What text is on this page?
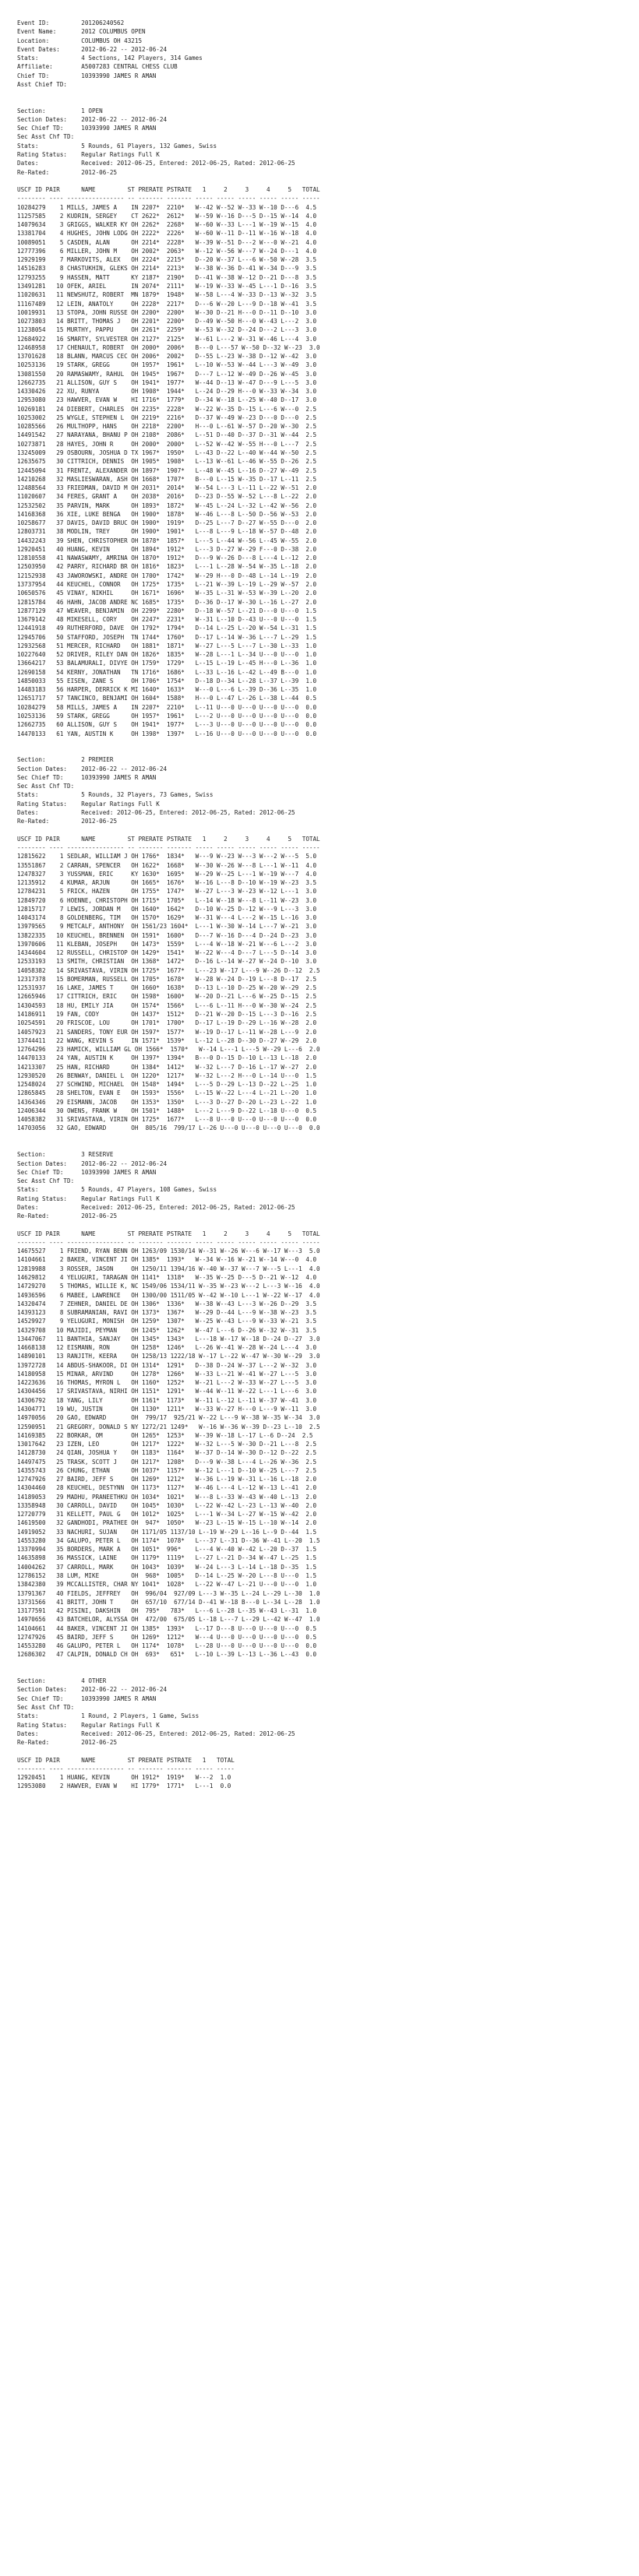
Event ID:         201206240562
Event Name:       2012 COLUMBUS OPEN
Location:         COLUMBUS OH 43215
Event Dates:      2012-06-22 -- 2012-06-24
Stats:            4 Sections, 142 Players, 314 Games
Affiliate:        A5007283 CENTRAL CHESS CLUB
Chief TD:         10393990 JAMES R AMAN
Asst Chief TD:

Section:          1 OPEN
Section Dates:    2012-06-22 -- 2012-06-24
Sec Chief TD:     10393990 JAMES R AMAN
Sec Asst Chf TD:
Stats:            5 Rounds, 61 Players, 132 Games, Swiss
Rating Status:    Regular Ratings Full K
Dates:            Received: 2012-06-25, Entered: 2012-06-25, Rated: 2012-06-25
Re-Rated:         2012-06-25

USCF ID PAIR      NAME         ST PRERATE PSTRATE   1     2     3     4     5   TOTAL
-------- ---- ---------------- -- ------- ------- ----- ----- ----- ----- ----- -----
10284279    1 MILLS, JAMES A    IN 2207*  2210*   W--42 W--52 W--33 W--10 D---6  4.5
11257585    2 KUDRIN, SERGEY    CT 2622*  2612*   W--59 W--16 D---5 D--15 W--14  4.0
14079634    3 GRIGGS, WALKER KY OH 2262*  2268*   W--60 W--33 L---1 W--19 W--15  4.0
13381704    4 HUGHES, JOHN LODG OH 2222*  2226*   W--60 W--11 D--11 W--16 W--18  4.0
10089051    5 CASDEN, ALAN      OH 2214*  2228*   W--39 W--51 D---2 W---0 W--21  4.0
12777396    6 MILLER, JOHN M    OH 2002*  2063*   W--12 W--56 W---7 W--24 D---1  4.0
12929199    7 MARKOVITS, ALEX   OH 2224*  2215*   D--20 W--37 L---6 W--50 W--28  3.5
14516283    8 CHASTUKHIN, GLEKS OH 2214*  2213*   W--38 W--36 D--41 W--34 D---9  3.5
12793255    9 HASSEN, MATT      KY 2187*  2190*   D--41 W--38 W--12 D--21 D---8  3.5
13491281   10 OFEK, ARIEL       IN 2074*  2111*   W--19 W--33 W--45 L---1 D--16  3.5
11020631   11 NEWSHUTZ, ROBERT  MN 1879*  1948*   W--58 L---4 W--33 D--13 W--32  3.5
11167489   12 LEIN, ANATOLY     OH 2228*  2217*   D---6 W--20 L---9 D--18 W--41  3.5
10019931   13 STOPA, JOHN RUSSE OH 2200*  2200*   W--30 D--21 H---0 D--11 D--10  3.0
10273803   14 BRITT, THOMAS J   OH 2201*  2200*   D--49 W--50 H---0 W--43 L---2  3.0
11238054   15 MURTHY, PAPPU     OH 2261*  2259*   W--53 W--32 D--24 D---2 L---3  3.0
12684922   16 SMARTY, SYLVESTER OH 2127*  2125*   W--61 L---2 W--31 W--46 L---4  3.0
12468958   17 CHENAULT, ROBERT  OH 2000*  2006*   B---0 L---57 W--50 D--32 W--23  3.0
13701628   18 BLANN, MARCUS CEC OH 2006*  2002*   D--55 L--23 W--38 D--12 W--42  3.0
10253136   19 STARK, GREGG      OH 1957*  1961*   L--10 W--53 W--44 L---3 W--49  3.0
13081550   20 RAMASWAMY, RAHUL  OH 1945*  1967*   D---7 L--12 W--49 D--26 W--45  3.0
12662735   21 ALLISON, GUY S    OH 1941*  1977*   W--44 D--13 W--47 D---9 L---5  3.0
14330426   22 XU, RUNYA         OH 1908*  1944*   L--24 D--29 H---0 W--33 W--34  3.0
12953080   23 HAWVER, EVAN W    HI 1716*  1779*   D--34 W--18 L--25 W--40 D--17  3.0
10269181   24 DIEBERT, CHARLES  OH 2235*  2228*   W--22 W--35 D--15 L---6 W---0  2.5
10253002   25 WYGLE, STEPHEN L  OH 2219*  2216*   D--37 W--49 W--23 D---0 D---0  2.5
10285566   26 MULTHOPP, HANS    OH 2218*  2200*   H---0 L--61 W--57 D--20 W--30  2.5
14491542   27 NARAYANA, BHANU P OH 2108*  2086*   L--51 D--40 D--37 D--31 W--44  2.5
10273871   28 HAYES, JOHN R     OH 2000*  2000*   L--52 W--42 W--55 H---0 L---7  2.5
13245009   29 OSBOURN, JOSHUA D TX 1967*  1950*   L--43 D--22 L--40 W--44 W--50  2.5
12635675   30 CITTRICH, DENNIS  OH 1905*  1908*   L--13 W--61 L--46 W--55 D--26  2.5
12445094   31 FRENTZ, ALEXANDER OH 1897*  1907*   L--48 W--45 L--16 D--27 W--49  2.5
14210268   32 MASLIESWARAN, ASH OH 1668*  1707*   B---0 L--15 W--35 D--17 L--11  2.5
12488564   33 FRIEDMAN, DAVID M OH 2031*  2014*   W--54 L---3 L--11 L--22 W--51  2.0
11020607   34 FERES, GRANT A    OH 2038*  2016*   D--23 D--55 W--52 L---8 L--22  2.0
12532502   35 PARVIN, MARK      OH 1893*  1872*   W--45 L--24 L--32 L--42 W--56  2.0
14168368   36 XIE, LUKE BENGA   OH 1900*  1878*   W--46 L---8 L--50 D--56 W--53  2.0
10258677   37 DAVIS, DAVID BRUC OH 1900*  1919*   D--25 L---7 D--27 W--55 D---0  2.0
12803731   38 MODLIN, TREY      OH 1900*  1901*   L---8 L---9 L--18 W--57 D--48  2.0
14432243   39 SHEN, CHRISTOPHER OH 1878*  1857*   L---5 L--44 W--56 L--45 W--55  2.0
12920451   40 HUANG, KEVIN      OH 1894*  1912*   L---3 D--27 W--29 F---0 D--38  2.0
12810558   41 NAWASWAMY, AMRINA OH 1870*  1912*   D---9 W--26 D---8 L---4 L--12  2.0
12503950   42 PARRY, RICHARD BR OH 1816*  1823*   L---1 L--28 W--54 W--35 L--18  2.0
12152938   43 JAWOROWSKI, ANDRE OH 1700*  1742*   W--29 H---0 D--48 L--14 L--19  2.0
13737954   44 KEUCHEL, CONNOR   OH 1725*  1735*   L--21 W--39 L--19 L--29 W--57  2.0
10650576   45 VINAY, NIKHIL     OH 1671*  1696*   W--35 L--31 W--53 W--39 L--20  2.0
12815784   46 HAHN, JACOB ANDRE NC 1685*  1735*   D--36 D--17 W--30 L--16 L--27  2.0
12877129   47 WEAVER, BENJAMIN  OH 2299*  2280*   D--18 W--57 L--21 D---0 U---0  1.5
13679142   48 MIKESELL, CORY    OH 2247*  2231*   W--31 L--10 D--43 U---0 U---0  1.5
12441918   49 RUTHERFORD, DAVE  OH 1792*  1794*   D--14 L--25 L--20 W--54 L--31  1.5
12945706   50 STAFFORD, JOSEPH  TN 1744*  1760*   D--17 L--14 W--36 L---7 L--29  1.5
12932568   51 MERCER, RICHARD   OH 1881*  1871*   W--27 L---5 L---7 L--30 L--33  1.0
10227640   52 DRIVER, RILEY DAN OH 1826*  1835*   W--28 L---1 L--34 U---0 U---0  1.0
13664217   53 BALAMURALI, DIVYE OH 1759*  1729*   L--15 L--19 L--45 H---0 L--36  1.0
12690158   54 KERNY, JONATHAN   TN 1716*  1686*   L--33 L--16 L--42 L--49 B---0  1.0
14850033   55 EISEN, ZANE S     OH 1706*  1754*   D--18 D--34 L--28 L--37 L--39  1.0
14483183   56 HARPER, DERRICK K MI 1640*  1633*   W---0 L---6 L--39 D--36 L--35  1.0
12651717   57 TANCINCO, BENJAMI OH 1604*  1588*   H---0 L--47 L--26 L--38 L--44  0.5
10284279   58 MILLS, JAMES A    IN 2207*  2210*   L--11 U---0 U---0 U---0 U---0  0.0
10253136   59 STARK, GREGG      OH 1957*  1961*   L---2 U---0 U---0 U---0 U---0  0.0
12662735   60 ALLISON, GUY S    OH 1941*  1977*   L---3 U---0 U---0 U---0 U---0  0.0
14470133   61 YAN, AUSTIN K     OH 1398*  1397*   L--16 U---0 U---0 U---0 U---0  0.0

Section:          2 PREMIER
Section Dates:    2012-06-22 -- 2012-06-24
Sec Chief TD:     10393990 JAMES R AMAN
Sec Asst Chf TD:
Stats:            5 Rounds, 32 Players, 73 Games, Swiss
Rating Status:    Regular Ratings Full K
Dates:            Received: 2012-06-25, Entered: 2012-06-25, Rated: 2012-06-25
Re-Rated:         2012-06-25

USCF ID PAIR      NAME         ST PRERATE PSTRATE   1     2     3     4     5   TOTAL
-------- ---- ---------------- -- ------- ------- ----- ----- ----- ----- ----- -----
12815622    1 SEDLAR, WILLIAM J OH 1766*  1834*   W---9 W--23 W---3 W---2 W---5  5.0
13551867    2 CARRAN, SPENCER   OH 1622*  1668*   W--30 W--26 W---8 L---1 W--11  4.0
12478327    3 YUSSMAN, ERIC     KY 1630*  1695*   W--29 W--25 L---1 W--19 W---7  4.0
12135912    4 KUMAR, ARJUN      OH 1665*  1676*   W--16 L---8 D--10 W--19 W--23  3.5
12784231    5 FRICK, HAZEN      OH 1755*  1747*   W--27 L---3 W--23 W--12 L---1  3.0
12849720    6 HOENNE, CHRISTOPH OH 1715*  1705*   L--14 W--18 W---8 L--11 W--23  3.0
12815717    7 LEWIS, JORDAN M   OH 1640*  1642*   D--10 W--25 D--12 W---9 L---3  3.0
14043174    8 GOLDENBERG, TIM   OH 1570*  1629*   W--31 W---4 L---2 W--15 L--16  3.0
13979565    9 METCALF, ANTHONY  OH 1561/23 1604*  L---1 W--30 W--14 L---7 W--21  3.0
13822335   10 KEUCHEL, BRENNEN  OH 1591*  1600*   D---7 W--16 D---4 D--24 D--23  3.0
13970606   11 KLEBAN, JOSEPH    OH 1473*  1559*   L---4 W--18 W--21 W---6 L---2  3.0
14344604   12 RUSSELL, CHRISTOP OH 1429*  1541*   W--22 W---4 D---7 L---5 D--14  3.0
12533193   13 SMITH, CHRISTIAN  OH 1368*  1472*   D--16 L--14 W--27 W--24 D--10  3.0
14058382   14 SRIVASTAVA, VIRIN OH 1725*  1677*   L---23 W--17 L---9 W--26 D--12  2.5
12317378   15 BOMERMAN, RUSSELL OH 1705*  1678*   W--28 W--24 D--19 L---8 D--17  2.5
12531937   16 LAKE, JAMES T     OH 1660*  1638*   D--13 L--10 D--25 W--20 W--29  2.5
12665946   17 CITTRICH, ERIC    OH 1598*  1600*   W--20 D--21 L---6 W--25 D--15  2.5
14304593   18 HU, EMILY JIA     OH 1574*  1566*   L---6 L--11 H---0 W--30 W--24  2.5
14186911   19 FAN, CODY         OH 1437*  1512*   D--21 W--20 D--15 L---3 D--16  2.5
10254591   20 FRISCOE, LOU      OH 1701*  1700*   D--17 L--19 D--29 L--16 W--28  2.0
14057923   21 SANDERS, TONY EUR OH 1597*  1577*   W--19 D--17 L--11 W--28 L---9  2.0
13744411   22 WANG, KEVIN S     IN 1571*  1539*   L--12 L--28 D--30 D--27 W--29  2.0
12764296   23 HAMICK, WILLIAM GL OH 1566*  1570*   W--14 L---1 L---5 W--29 L---6  2.0
14470133   24 YAN, AUSTIN K     OH 1397*  1394*   B---0 D--15 D--10 L--13 L--18  2.0
14213307   25 HAN, RICHARD      OH 1384*  1412*   W--32 L---7 D--16 L--17 W--27  2.0
12930520   26 BENWAY, DANIEL L  OH 1220*  1217*   W--32 L---2 H---0 L--14 U---0  1.5
12548024   27 SCHWIND, MICHAEL  OH 1548*  1494*   L---5 D--29 L--13 D--22 L--25  1.0
12865845   28 SHELTON, EVAN E   OH 1593*  1556*   L--15 W--22 L---4 L--21 L--20  1.0
14364346   29 EISMANN, JACOB    OH 1353*  1350*   L---3 D--27 D--20 L--23 L--22  1.0
12406344   30 OWENS, FRANK W    OH 1501*  1488*   L---2 L---9 D--22 L--18 U---0  0.5
14058382   31 SRIVASTAVA, VIRIN OH 1725*  1677*   L---8 U---0 U---0 U---0 U---0  0.0
14703056   32 GAO, EDWARD       OH  805/16  799/17 L--26 U---0 U---0 U---0 U---0  0.0

Section:          3 RESERVE
Section Dates:    2012-06-22 -- 2012-06-24
Sec Chief TD:     10393990 JAMES R AMAN
Sec Asst Chf TD:
Stats:            5 Rounds, 47 Players, 108 Games, Swiss
Rating Status:    Regular Ratings Full K
Dates:            Received: 2012-06-25, Entered: 2012-06-25, Rated: 2012-06-25
Re-Rated:         2012-06-25

USCF ID PAIR      NAME         ST PRERATE PSTRATE   1     2     3     4     5   TOTAL
-------- ---- ---------------- -- ------- ------- ----- ----- ----- ----- ----- -----
14675527    1 FRIEND, RYAN BENN OH 1263/09 1530/14 W--31 W--26 W---6 W--17 W---3  5.0
14104661    2 BAKER, VINCENT JI OH 1385*  1393*   W--34 W--16 W--21 W--14 W---0  4.0
12819988    3 ROSSER, JASON     OH 1250/11 1394/16 W--40 W--37 W---7 W---5 L---1  4.0
14629812    4 YELUGURI, TARAGAN OH 1141*  1318*   W--35 W--25 D---5 D--21 W--12  4.0
14729270    5 THOMAS, WILLIE K, NC 1549/06 1534/11 W--35 W--23 W---2 L---3 W--16  4.0
14936596    6 MABEE, LAWRENCE   OH 1300/00 1511/05 W--42 W--10 L---1 W--22 W--17  4.0
14320474    7 ZEHNER, DANIEL DE OH 1306*  1336*   W--38 W--43 L---3 W--26 D--29  3.5
14393123    8 SUBRAMANIAN, RAVI OH 1373*  1367*   W--29 D--44 L---9 W--38 W--23  3.5
14529927    9 YELUGURI, MONISH  OH 1259*  1307*   W--25 W--43 L---9 W--33 W--21  3.5
14329708   10 MAJIDI, PEYMAN    OH 1245*  1262*   W--47 L---6 D--26 W--32 W--31  3.5
13447067   11 BANTHIA, SANJAY   OH 1345*  1343*   L---18 W--17 W--18 D--24 D--27  3.0
14668138   12 EISMANN, RON      OH 1258*  1246*   L--26 W--41 W--28 W--24 L---4  3.0
14890101   13 RANJITH, KEERA    OH 1258/13 1222/18 W--17 L--22 W--47 W--30 W--29  3.0
13972728   14 ABDUS-SHAKOOR, DI OH 1314*  1291*   D--38 D--24 W--37 L---2 W--32  3.0
14180958   15 MINAR, ARVIND     OH 1278*  1266*   W--33 L--21 W--41 W--27 L---5  3.0
14223636   16 THOMAS, MYRON L   OH 1160*  1252*   W--21 L---2 W--33 W--27 L---5  3.0
14304456   17 SRIVASTAVA, NIRHI OH 1151*  1291*   W--44 W--11 W--22 L---1 L---6  3.0
14306792   18 YANG, LILY        OH 1161*  1173*   W--11 L--12 L--11 W--37 W--41  3.0
14304771   19 WU, JUSTIN        OH 1130*  1211*   W--33 W--27 H---0 L---9 W--11  3.0
14970056   20 GAO, EDWARD       OH  799/17  925/21 W--22 L---9 W--38 W--35 W--34  3.0
12590951   21 GREGORY, DONALD S NY 1272/21 1249*   W--16 W--36 W--39 D--23 L--10  2.5
14169385   22 BORKAR, OM        OH 1265*  1253*   W--39 W--18 L--17 L--6 D--24  2.5
13017642   23 IZEN, LEO         OH 1217*  1222*   W--32 L---5 W--30 D--21 L---8  2.5
14128730   24 QIAN, JOSHUA Y    OH 1183*  1164*   W--37 D--14 W--30 D--12 D--22  2.5
14497475   25 TRASK, SCOTT J    OH 1217*  1208*   D---9 W--38 L---4 L--26 W--36  2.5
14355743   26 CHUNG, ETHAN      OH 1037*  1157*   W--12 L---1 D--10 W--25 L---7  2.5
12747926   27 BAIRD, JEFF S     OH 1269*  1212*   W--36 L--19 W--31 L--16 L--18  2.0
14304460   28 KEUCHEL, DESTYNN  OH 1173*  1127*   W--46 L---4 L--12 W--13 L--41  2.0
14189053   29 MADHU, PRANEETHKU OH 1034*  1021*   W---8 L--33 W--43 W--40 L--13  2.0
13358948   30 CARROLL, DAVID    OH 1045*  1030*   L--22 W--42 L--23 L--13 W--40  2.0
12720779   31 KELLETT, PAUL G   OH 1012*  1025*   L---1 W--34 L--27 W--15 W--42  2.0
14619500   32 GANDHODI, PRATHEE OH  947*  1050*   W--23 L--15 W--15 L--10 W--14  2.0
14919052   33 NACHURI, SUJAN    OH 1171/05 1137/10 L--19 W--29 L--16 L--9 D--44  1.5
14553280   34 GALUPO, PETER L   OH 1174*  1078*   L---37 L--31 D--36 W--41 L--20  1.5
13370994   35 BORDERS, MARK A   OH 1051*  996*    L---4 W--40 W--42 L--20 D--37  1.5
14635898   36 MASSICK, LAINE    OH 1179*  1119*   L--27 L--21 D--34 W--47 L--25  1.5
14004262   37 CARROLL, MARK     OH 1043*  1039*   W--24 L---3 L--14 L--18 D--35  1.5
12786152   38 LUM, MIKE         OH  968*  1005*   D--14 L--25 W--20 L---8 U---0  1.5
13842380   39 MCCALLISTER, CHAR NY 1041*  1028*   L--22 W--47 L--21 U---0 U---0  1.0
13791367   40 FIELDS, JEFFREY   OH  996/04  927/09 L---3 W--35 L--24 L--29 L--30  1.0
13731566   41 BRITT, JOHN T     OH  657/10  677/14 D--41 W--18 B---0 L--34 L--28  1.0
13177591   42 PISINI, DAKSHIN   OH  795*   783*   L---6 L--28 L--35 W--43 L--31  1.0
14970656   43 BATCHELOR, ALYSSA OH  472/00  675/05 L--18 L---7 L--29 L--42 W--47  1.0
14104661   44 BAKER, VINCENT JI OH 1385*  1393*   L--17 D---8 U---0 U---0 U---0  0.5
12747926   45 BAIRD, JEFF S     OH 1269*  1212*   W---4 U---0 U---0 U---0 U---0  0.5
14553280   46 GALUPO, PETER L   OH 1174*  1078*   L--28 U---0 U---0 U---0 U---0  0.0
12686302   47 CALPIN, DONALD CH OH  693*   651*   L--10 L--39 L--13 L--36 L--43  0.0

Section:          4 OTHER
Section Dates:    2012-06-22 -- 2012-06-24
Sec Chief TD:     10393990 JAMES R AMAN
Sec Asst Chf TD:
Stats:            1 Round, 2 Players, 1 Game, Swiss
Rating Status:    Regular Ratings Full K
Dates:            Received: 2012-06-25, Entered: 2012-06-25, Rated: 2012-06-25
Re-Rated:         2012-06-25

USCF ID PAIR      NAME         ST PRERATE PSTRATE   1   TOTAL
-------- ---- ---------------- -- ------- ------- ----- -----
12920451    1 HUANG, KEVIN      OH 1912*  1919*   W---2  1.0
12953080    2 HAWVER, EVAN W    HI 1779*  1771*   L---1  0.0
